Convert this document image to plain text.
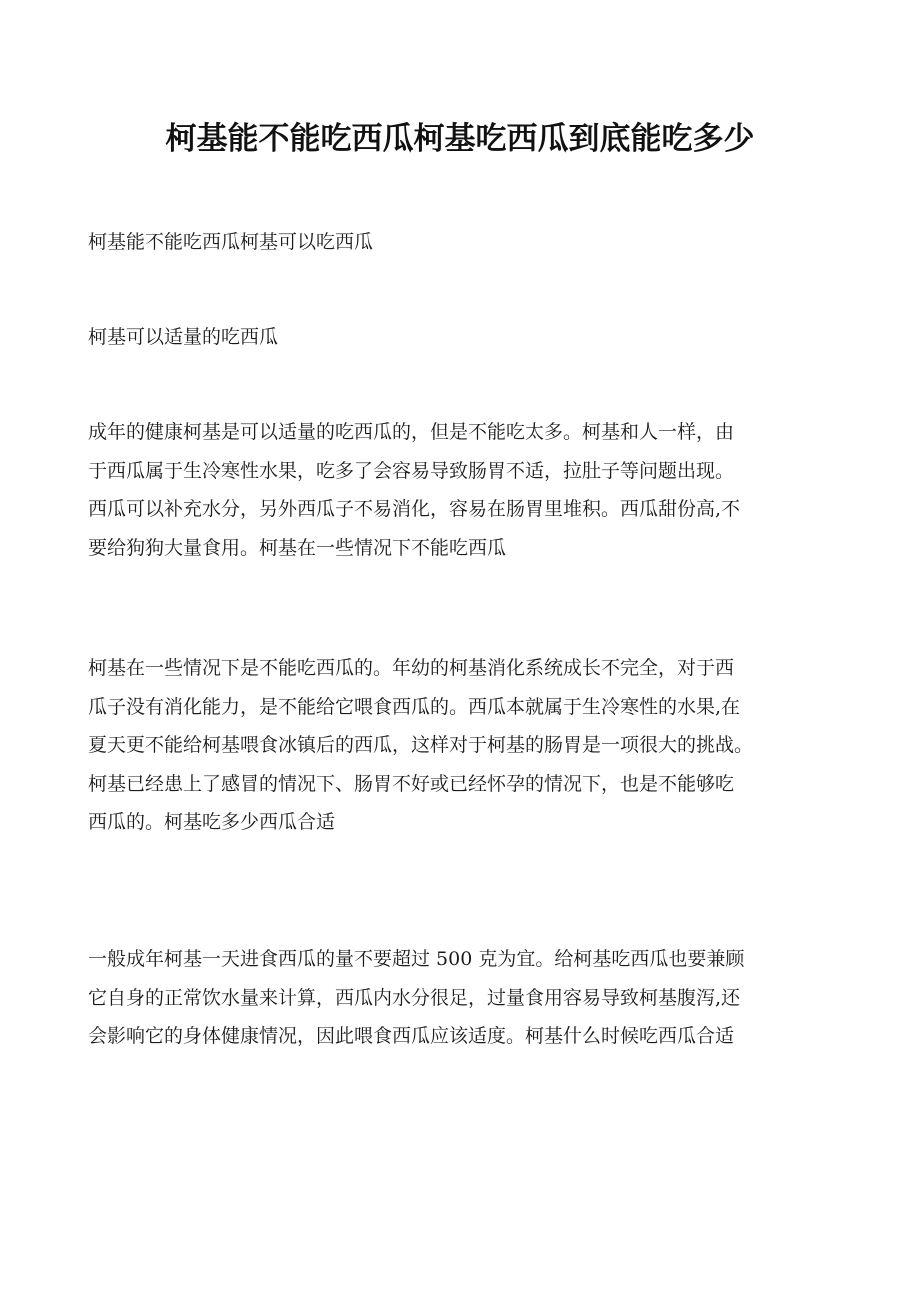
柯基能不能吃西瓜柯基吃西瓜到底能吃多少

柯基能不能吃西瓜柯基可以吃西瓜

柯基可以适量的吃西瓜

成年的健康柯基是可以适量的吃西瓜的，但是不能吃太多。柯基和人一样，由
于西瓜属于生冷寒性水果，吃多了会容易导致肠胃不适，拉肚子等问题出现。
西瓜可以补充水分，另外西瓜子不易消化，容易在肠胃里堆积。西瓜甜份高,不
要给狗狗大量食用。柯基在一些情况下不能吃西瓜

柯基在一些情况下是不能吃西瓜的。年幼的柯基消化系统成长不完全，对于西
瓜子没有消化能力，是不能给它喂食西瓜的。西瓜本就属于生冷寒性的水果,在
夏天更不能给柯基喂食冰镇后的西瓜，这样对于柯基的肠胃是一项很大的挑战。
柯基已经患上了感冒的情况下、肠胃不好或已经怀孕的情况下，也是不能够吃
西瓜的。柯基吃多少西瓜合适

一般成年柯基一天进食西瓜的量不要超过 500 克为宜。给柯基吃西瓜也要兼顾
它自身的正常饮水量来计算，西瓜内水分很足，过量食用容易导致柯基腹泻,还
会影响它的身体健康情况，因此喂食西瓜应该适度。柯基什么时候吃西瓜合适
